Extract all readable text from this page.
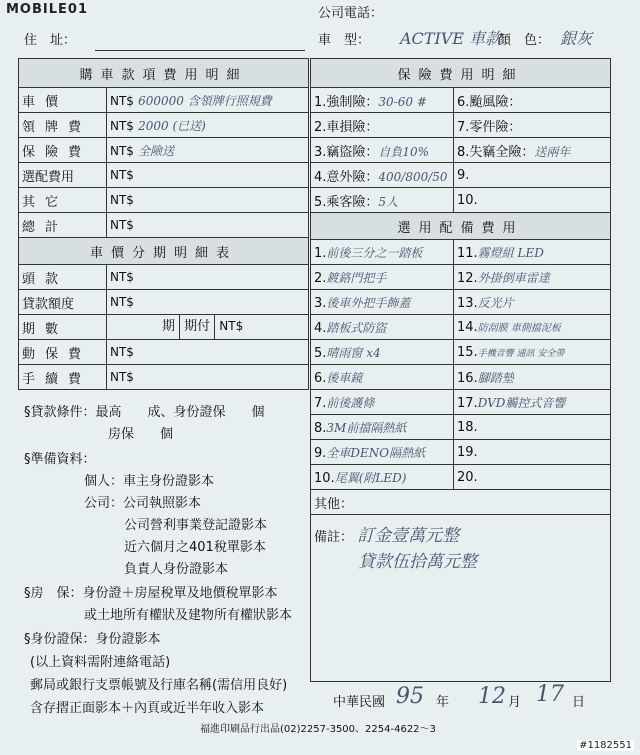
MOBILE01	公司電話：
住　址：	車　型： ACTIVE 車款
顏　色： 銀灰
購車款項費用明細	
車價	NT$ 600000 含領牌行照規費
領牌費	NT$ 2000 (已送)
保險費	NT$ 全險送
選配費用	NT$
其它	NT$
總計	NT$
車價分期明細表	
頭款	NT$
貸款額度	NT$
期數	期 期付 NT$
動保費	NT$
手續費	NT$
保險費用明細	
1.強制險：30-60 #	6.颱風險：
2.車損險：	7.零件險：
3.竊盜險：自負10%	8.失竊全險：送兩年
4.意外險：400/800/50	9.
5.乘客險：5人	10.
選用配備費用	
1.前後三分之一踏板	11.霧燈組 LED
2.鍍鉻門把手	12.外掛倒車雷達
3.後車外把手飾蓋	13.反光片
4.踏板式防盜	14.防刮膜 車側擋泥板
5.晴雨窗 x4	15.手機音響 通訊 安全帶
6.後車鏡	16.腳踏墊
7.前後護條	17.DVD觸控式音響
8.3M前擋隔熱紙	18.
9.全車DENO隔熱紙	19.
10.尾翼(附LED)	20.
其他：	
備註： 訂金壹萬元整
貸款伍拾萬元整	
§貸款條件：最高　　成、身份證保　　個
房保　　個
§準備資料：
個人：車主身份證影本
公司：公司執照影本
公司營利事業登記證影本
近六個月之401稅單影本
負責人身份證影本
§房　保：身份證＋房屋稅單及地價稅單影本
或土地所有權狀及建物所有權狀影本
§身份證保：身份證影本
(以上資料需附連絡電話)
郵局或銀行支票帳號及行庫名稱(需信用良好)
含存摺正面影本＋內頁或近半年收入影本	中華民國 95 年 12 月 17 日
福進印刷品行出品(02)2257-3500、2254-4622〜3
#1182551
